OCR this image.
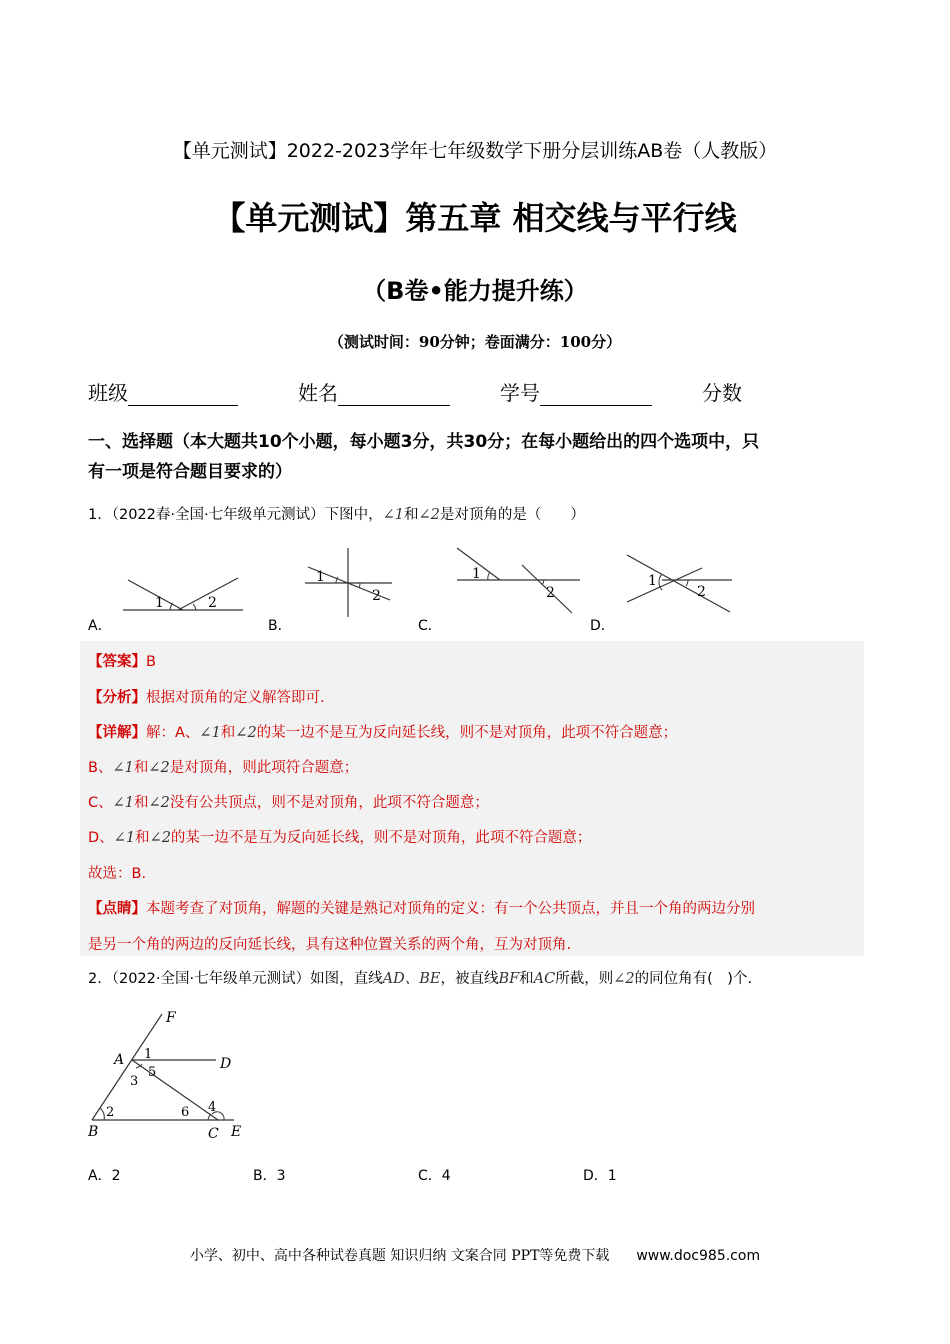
【单元测试】2022-2023学年七年级数学下册分层训练AB卷（人教版）
【单元测试】第五章 相交线与平行线
（B卷•能力提升练）
（测试时间：90分钟；卷面满分：100分）
班级	姓名	学号	分数
一、选择题（本大题共10个小题，每小题3分，共30分；在每小题给出的四个选项中，只
有一项是符合题目要求的）
1．（2022春·全国·七年级单元测试）下图中，∠1和∠2是对顶角的是（　　）
1	2
1
2
1
2
1
2
A．	B．	C．	D．
【答案】B
【分析】根据对顶角的定义解答即可.
【详解】解：A、∠1和∠2的某一边不是互为反向延长线，则不是对顶角，此项不符合题意；
B、∠1和∠2是对顶角，则此项符合题意；
C、∠1和∠2没有公共顶点，则不是对顶角，此项不符合题意；
D、∠1和∠2的某一边不是互为反向延长线，则不是对顶角，此项不符合题意；
故选：B.
【点睛】本题考查了对顶角，解题的关键是熟记对顶角的定义：有一个公共顶点，并且一个角的两边分别
是另一个角的两边的反向延长线，具有这种位置关系的两个角，互为对顶角.
2．（2022·全国·七年级单元测试）如图，直线AD、BE，被直线BF和AC所截，则∠2的同位角有(　)个.
F
A	D
B	C E
1
2
3
4
5
6
A．2	B．3	C．4	D．1
小学、初中、高中各种试卷真题 知识归纳 文案合同 PPT等免费下载 www.doc985.com
